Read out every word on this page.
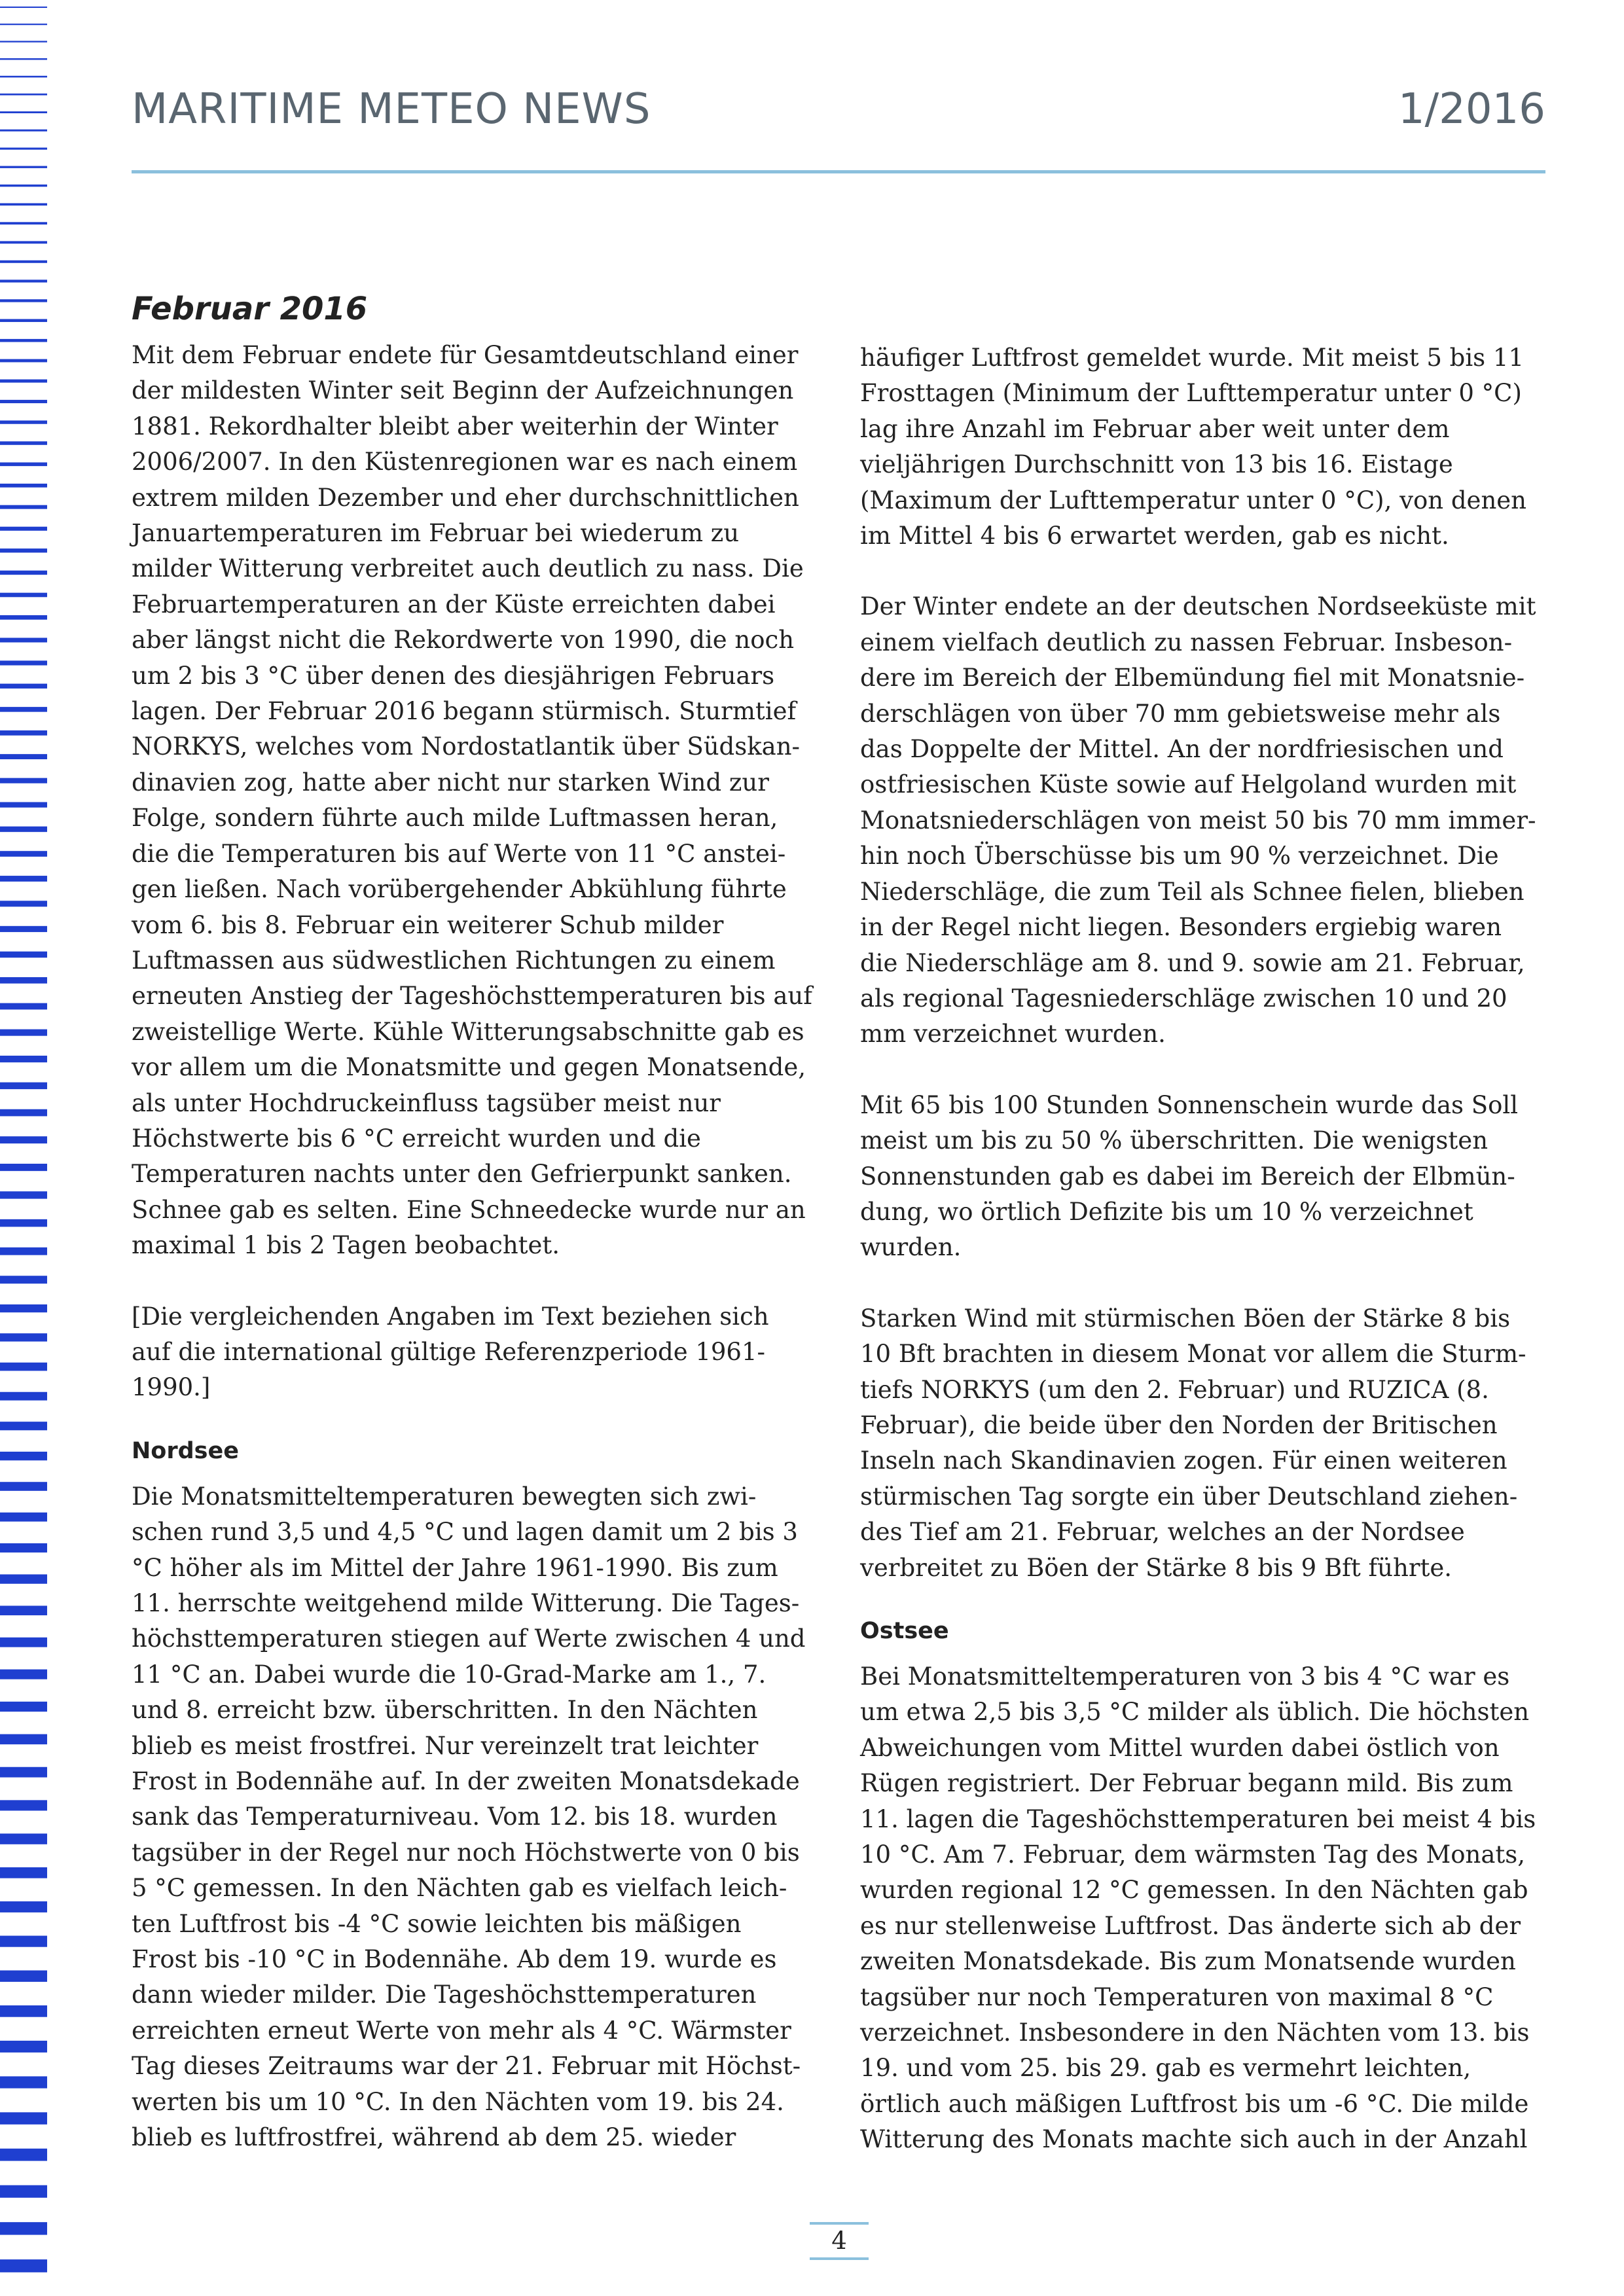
MARITIME METEO NEWS	1/2016
Februar 2016

Mit dem Februar endete für Gesamtdeutschland einer der mildesten Winter seit Beginn der Aufzeichnungen 1881. Rekordhalter bleibt aber weiterhin der Winter 2006/2007. In den Küstenregionen war es nach einem extrem milden Dezember und eher durchschnittlichen Januartemperaturen im Februar bei wiederum zu milder Witterung verbreitet auch deutlich zu nass. Die Februartemperaturen an der Küste erreichten dabei aber längst nicht die Rekordwerte von 1990, die noch um 2 bis 3 °C über denen des diesjährigen Februars lagen. Der Februar 2016 begann stürmisch. Sturmtief NORKYS, welches vom Nordostatlantik über Südskandinavien zog, hatte aber nicht nur starken Wind zur Folge, sondern führte auch milde Luftmassen heran, die die Temperaturen bis auf Werte von 11 °C ansteigen ließen. Nach vorübergehender Abkühlung führte vom 6. bis 8. Februar ein weiterer Schub milder Luftmassen aus südwestlichen Richtungen zu einem erneuten Anstieg der Tageshöchsttemperaturen bis auf zweistellige Werte. Kühle Witterungsabschnitte gab es vor allem um die Monatsmitte und gegen Monatsende, als unter Hochdruckeinfluss tagsüber meist nur Höchstwerte bis 6 °C erreicht wurden und die Temperaturen nachts unter den Gefrierpunkt sanken. Schnee gab es selten. Eine Schneedecke wurde nur an maximal 1 bis 2 Tagen beobachtet.

[Die vergleichenden Angaben im Text beziehen sich auf die international gültige Referenzperiode 1961-1990.]

Nordsee

Die Monatsmitteltemperaturen bewegten sich zwischen rund 3,5 und 4,5 °C und lagen damit um 2 bis 3 °C höher als im Mittel der Jahre 1961-1990. Bis zum 11. herrschte weitgehend milde Witterung. Die Tageshöchsttemperaturen stiegen auf Werte zwischen 4 und 11 °C an. Dabei wurde die 10-Grad-Marke am 1., 7. und 8. erreicht bzw. überschritten. In den Nächten blieb es meist frostfrei. Nur vereinzelt trat leichter Frost in Bodennähe auf. In der zweiten Monatsdekade sank das Temperaturniveau. Vom 12. bis 18. wurden tagsüber in der Regel nur noch Höchstwerte von 0 bis 5 °C gemessen. In den Nächten gab es vielfach leichten Luftfrost bis -4 °C sowie leichten bis mäßigen Frost bis -10 °C in Bodennähe. Ab dem 19. wurde es dann wieder milder. Die Tageshöchsttemperaturen erreichten erneut Werte von mehr als 4 °C. Wärmster Tag dieses Zeitraums war der 21. Februar mit Höchstwerten bis um 10 °C. In den Nächten vom 19. bis 24. blieb es luftfrostfrei, während ab dem 25. wieder

häufiger Luftfrost gemeldet wurde. Mit meist 5 bis 11 Frosttagen (Minimum der Lufttemperatur unter 0 °C) lag ihre Anzahl im Februar aber weit unter dem vieljährigen Durchschnitt von 13 bis 16. Eistage (Maximum der Lufttemperatur unter 0 °C), von denen im Mittel 4 bis 6 erwartet werden, gab es nicht.

Der Winter endete an der deutschen Nordseeküste mit einem vielfach deutlich zu nassen Februar. Insbesondere im Bereich der Elbemündung fiel mit Monatsniederschlägen von über 70 mm gebietsweise mehr als das Doppelte der Mittel. An der nordfriesischen und ostfriesischen Küste sowie auf Helgoland wurden mit Monatsniederschlägen von meist 50 bis 70 mm immerhin noch Überschüsse bis um 90 % verzeichnet. Die Niederschläge, die zum Teil als Schnee fielen, blieben in der Regel nicht liegen. Besonders ergiebig waren die Niederschläge am 8. und 9. sowie am 21. Februar, als regional Tagesniederschläge zwischen 10 und 20 mm verzeichnet wurden.

Mit 65 bis 100 Stunden Sonnenschein wurde das Soll meist um bis zu 50 % überschritten. Die wenigsten Sonnenstunden gab es dabei im Bereich der Elbmündung, wo örtlich Defizite bis um 10 % verzeichnet wurden.

Starken Wind mit stürmischen Böen der Stärke 8 bis 10 Bft brachten in diesem Monat vor allem die Sturmtiefs NORKYS (um den 2. Februar) und RUZICA (8. Februar), die beide über den Norden der Britischen Inseln nach Skandinavien zogen. Für einen weiteren stürmischen Tag sorgte ein über Deutschland ziehendes Tief am 21. Februar, welches an der Nordsee verbreitet zu Böen der Stärke 8 bis 9 Bft führte.

Ostsee

Bei Monatsmitteltemperaturen von 3 bis 4 °C war es um etwa 2,5 bis 3,5 °C milder als üblich. Die höchsten Abweichungen vom Mittel wurden dabei östlich von Rügen registriert. Der Februar begann mild. Bis zum 11. lagen die Tageshöchsttemperaturen bei meist 4 bis 10 °C. Am 7. Februar, dem wärmsten Tag des Monats, wurden regional 12 °C gemessen. In den Nächten gab es nur stellenweise Luftfrost. Das änderte sich ab der zweiten Monatsdekade. Bis zum Monatsende wurden tagsüber nur noch Temperaturen von maximal 8 °C verzeichnet. Insbesondere in den Nächten vom 13. bis 19. und vom 25. bis 29. gab es vermehrt leichten, örtlich auch mäßigen Luftfrost bis um -6 °C. Die milde Witterung des Monats machte sich auch in der Anzahl

4
